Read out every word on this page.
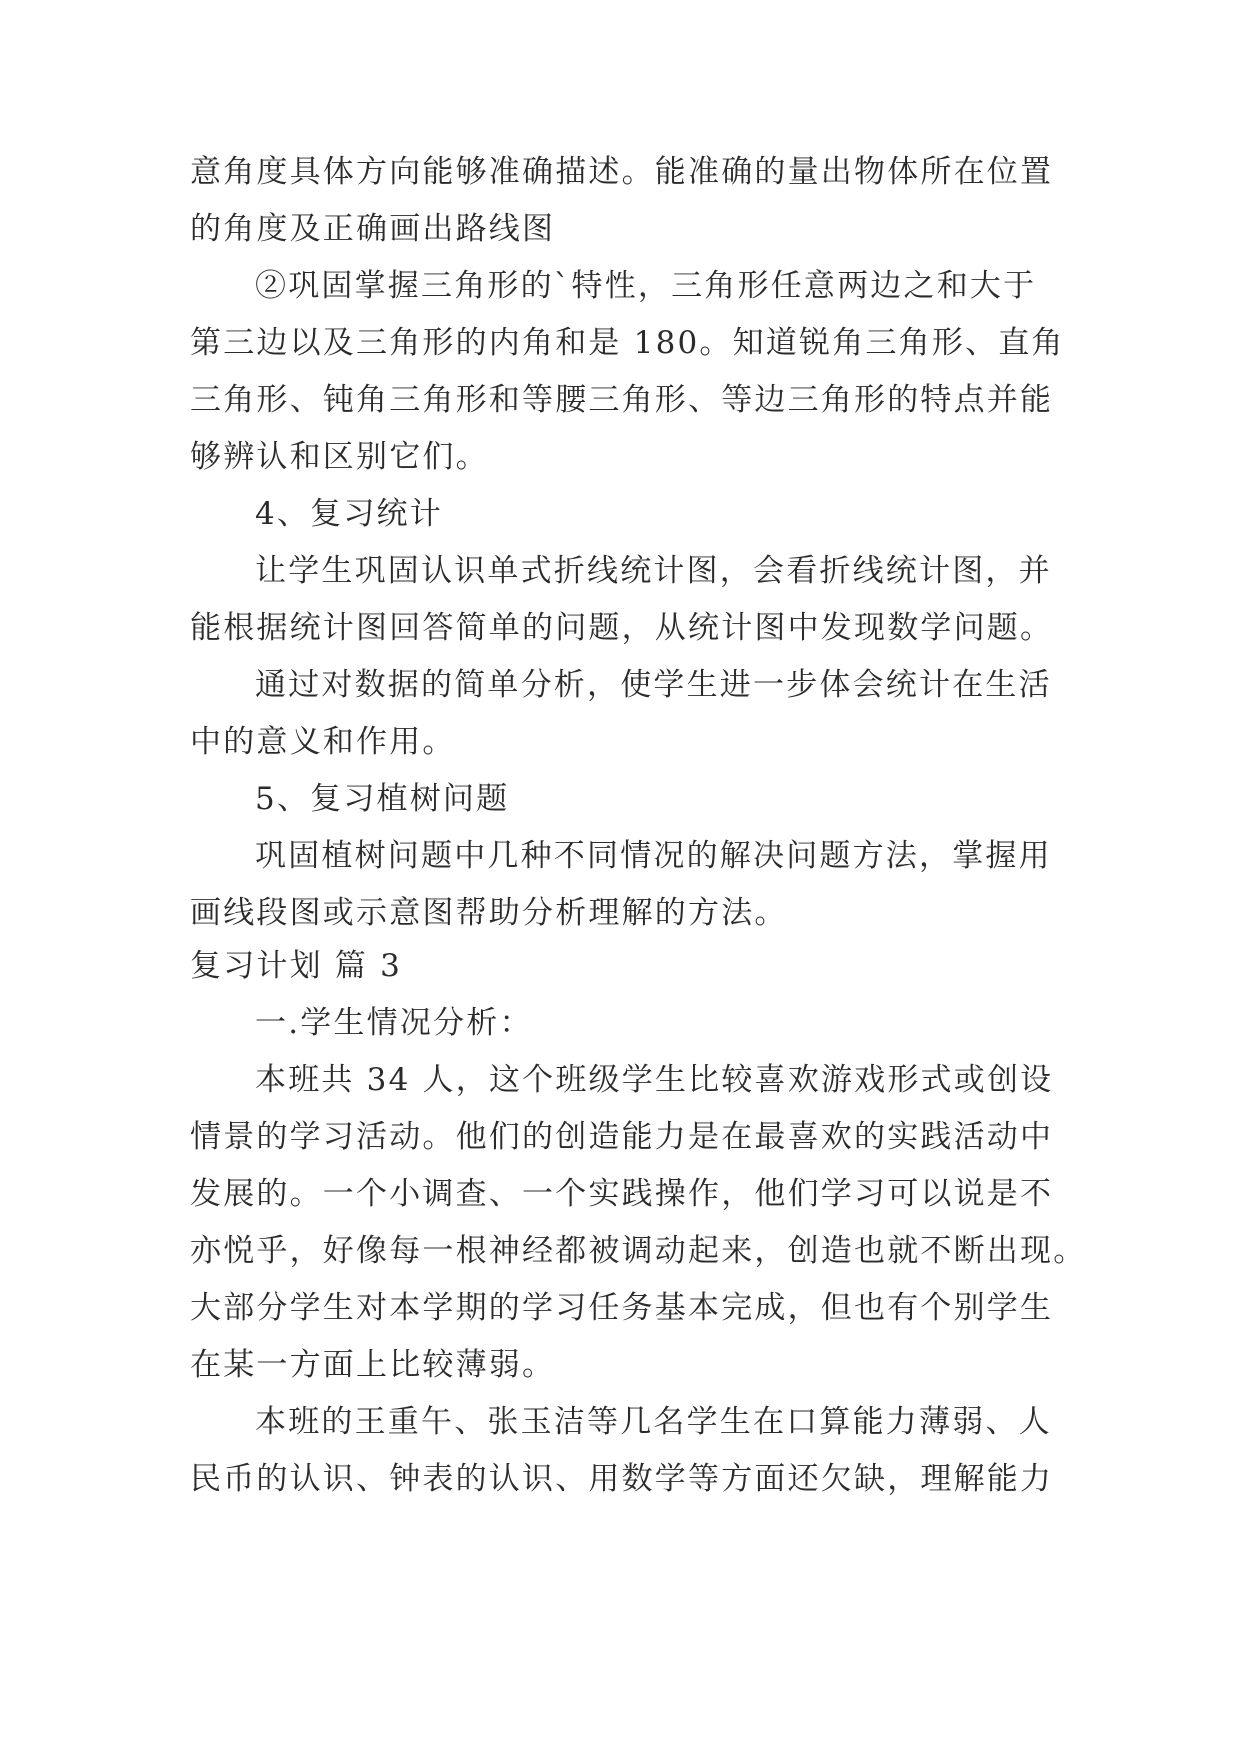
意角度具体方向能够准确描述。能准确的量出物体所在位置
的角度及正确画出路线图
②巩固掌握三角形的`特性，三角形任意两边之和大于
第三边以及三角形的内角和是 180。知道锐角三角形、直角
三角形、钝角三角形和等腰三角形、等边三角形的特点并能
够辨认和区别它们。
4、复习统计
让学生巩固认识单式折线统计图，会看折线统计图，并
能根据统计图回答简单的问题，从统计图中发现数学问题。
通过对数据的简单分析，使学生进一步体会统计在生活
中的意义和作用。
5、复习植树问题
巩固植树问题中几种不同情况的解决问题方法，掌握用
画线段图或示意图帮助分析理解的方法。
复习计划 篇 3
一.学生情况分析：
本班共 34 人，这个班级学生比较喜欢游戏形式或创设
情景的学习活动。他们的创造能力是在最喜欢的实践活动中
发展的。一个小调查、一个实践操作，他们学习可以说是不
亦悦乎，好像每一根神经都被调动起来，创造也就不断出现。
大部分学生对本学期的学习任务基本完成，但也有个别学生
在某一方面上比较薄弱。
本班的王重午、张玉洁等几名学生在口算能力薄弱、人
民币的认识、钟表的认识、用数学等方面还欠缺，理解能力
